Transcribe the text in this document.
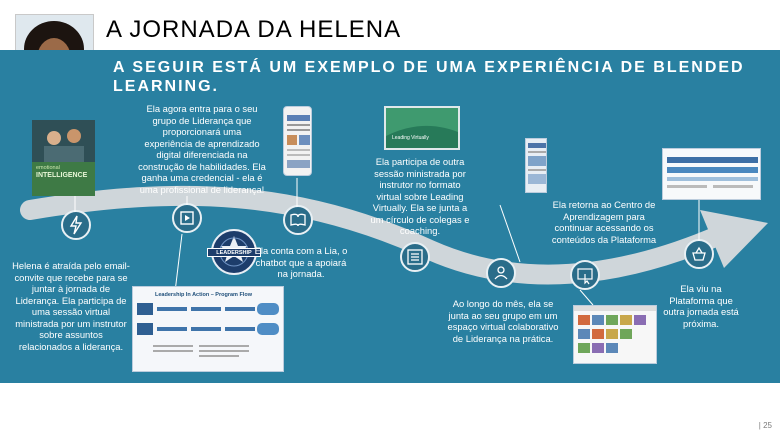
A JORNADA DA HELENA
A SEGUIR ESTÁ UM EXEMPLO DE UMA EXPERIÊNCIA DE BLENDED LEARNING.
emotional
INTELLIGENCE
Leading Virtually
Leadership In Action – Program Flow
LEADERSHIP
Helena é atraída pelo email-convite que recebe para se juntar à jornada de Liderança. Ela participa de uma sessão virtual ministrada por um instrutor sobre assuntos relacionados a liderança.
Ela agora entra para o seu grupo de Liderança que proporcionará uma experiência de aprendizado digital diferenciada na construção de habilidades. Ela ganha uma credencial - ela é uma profissional de liderança!
Ela conta com a Lia, o chatbot que a apoiará na jornada.
Ela participa de outra sessão ministrada por instrutor no formato virtual sobre Leading Virtually. Ela se junta a um círculo de colegas e coaching.
Ao longo do mês, ela se junta ao seu grupo em um espaço virtual colaborativo de Liderança na prática.
Ela retorna ao Centro de Aprendizagem para continuar acessando os conteúdos da Plataforma
Ela viu na Plataforma que outra jornada está próxima.
| 25
